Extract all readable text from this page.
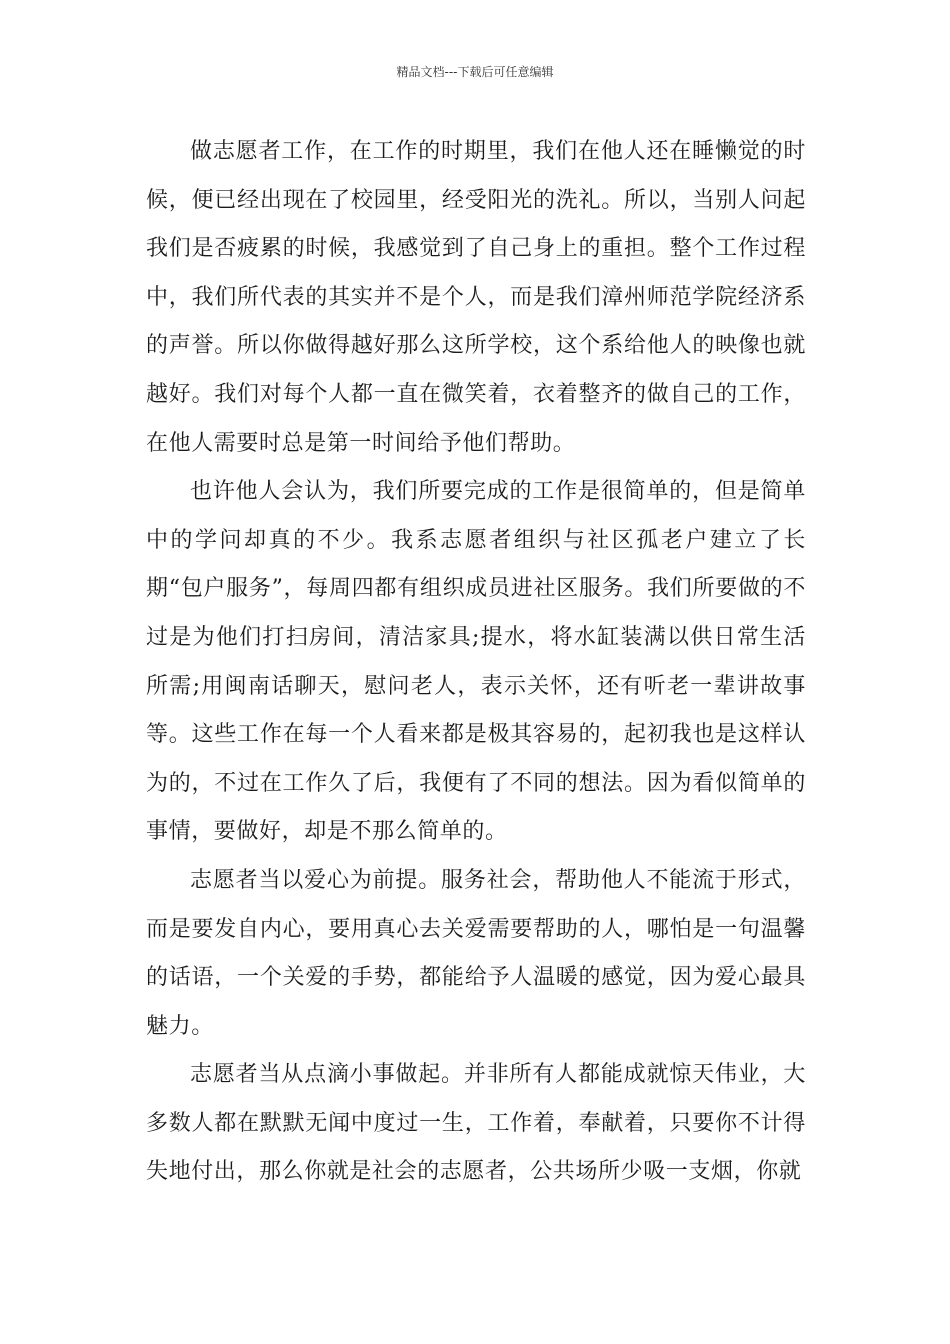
精品文档---下载后可任意编辑

做志愿者工作，在工作的时期里，我们在他人还在睡懒觉的时候，便已经出现在了校园里，经受阳光的洗礼。所以，当别人问起我们是否疲累的时候，我感觉到了自己身上的重担。整个工作过程中，我们所代表的其实并不是个人，而是我们漳州师范学院经济系的声誉。所以你做得越好那么这所学校，这个系给他人的映像也就越好。我们对每个人都一直在微笑着，衣着整齐的做自己的工作，在他人需要时总是第一时间给予他们帮助。

也许他人会认为，我们所要完成的工作是很简单的，但是简单中的学问却真的不少。我系志愿者组织与社区孤老户建立了长期“包户服务”，每周四都有组织成员进社区服务。我们所要做的不过是为他们打扫房间，清洁家具;提水，将水缸装满以供日常生活所需;用闽南话聊天，慰问老人，表示关怀，还有听老一辈讲故事等。这些工作在每一个人看来都是极其容易的，起初我也是这样认为的，不过在工作久了后，我便有了不同的想法。因为看似简单的事情，要做好，却是不那么简单的。

志愿者当以爱心为前提。服务社会，帮助他人不能流于形式，而是要发自内心，要用真心去关爱需要帮助的人，哪怕是一句温馨的话语，一个关爱的手势，都能给予人温暖的感觉，因为爱心最具魅力。

志愿者当从点滴小事做起。并非所有人都能成就惊天伟业，大多数人都在默默无闻中度过一生，工作着，奉献着，只要你不计得失地付出，那么你就是社会的志愿者，公共场所少吸一支烟，你就
